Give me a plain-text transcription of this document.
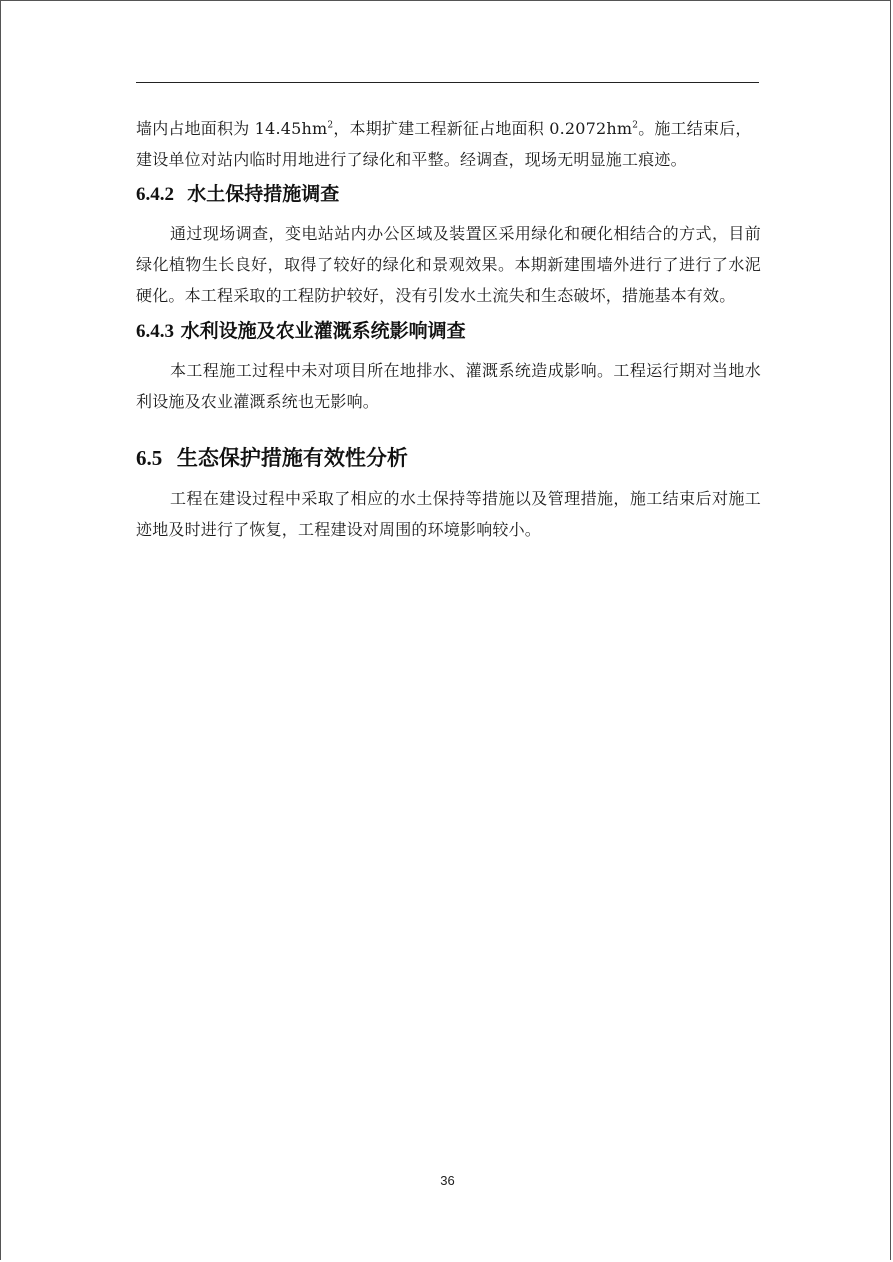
墙内占地面积为 $14.45hm^2$，本期扩建工程新征占地面积 $0.2072hm^2$。施工结束后，
建设单位对站内临时用地进行了绿化和平整。经调查，现场无明显施工痕迹。

6.4.2 水土保持措施调查

通过现场调查，变电站站内办公区域及装置区采用绿化和硬化相结合的方式，目前绿化植物生长良好，取得了较好的绿化和景观效果。本期新建围墙外进行了进行了水泥硬化。本工程采取的工程防护较好，没有引发水土流失和生态破坏，措施基本有效。

6.4.3 水利设施及农业灌溉系统影响调查

本工程施工过程中未对项目所在地排水、灌溉系统造成影响。工程运行期对当地水利设施及农业灌溉系统也无影响。

6.5 生态保护措施有效性分析

工程在建设过程中采取了相应的水土保持等措施以及管理措施，施工结束后对施工迹地及时进行了恢复，工程建设对周围的环境影响较小。

36
